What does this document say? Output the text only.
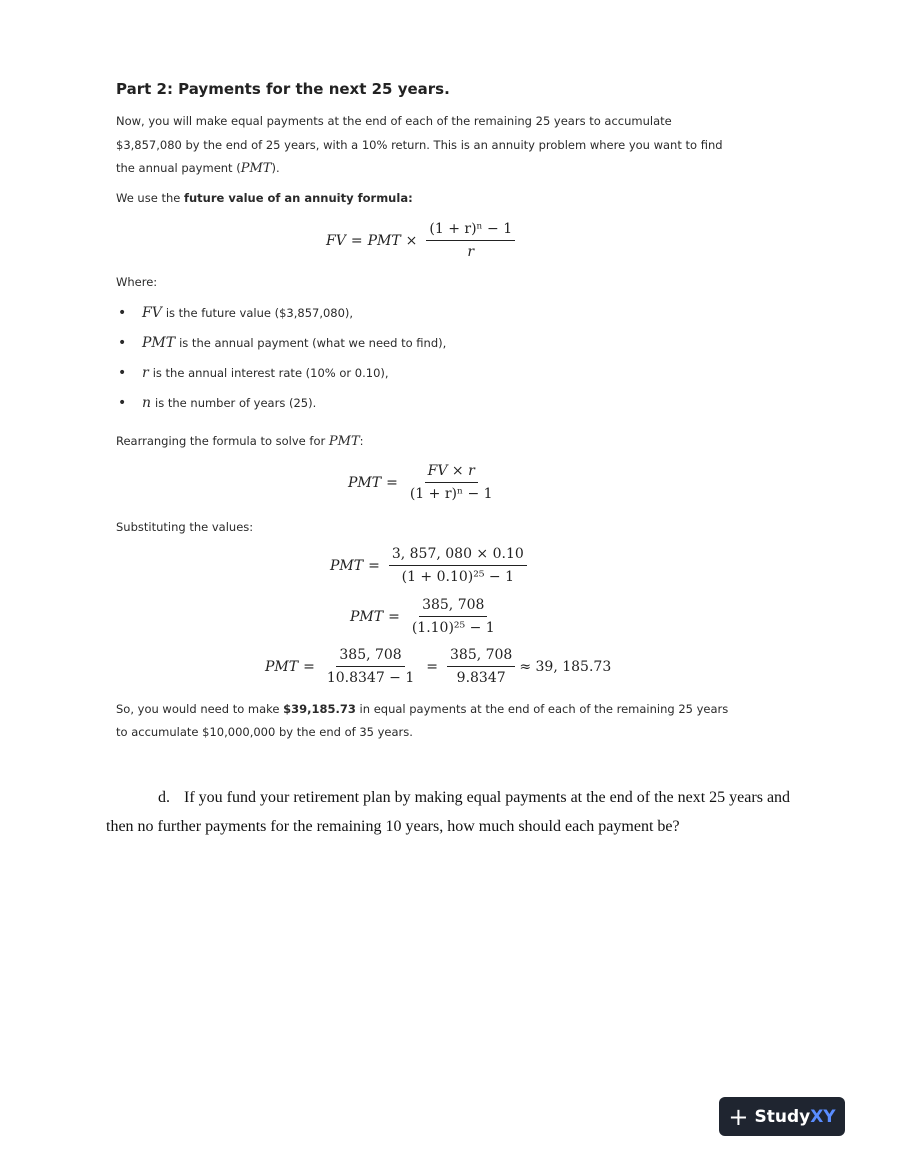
Part 2: Payments for the next 25 years.

Now, you will make equal payments at the end of each of the remaining 25 years to accumulate

$3,857,080 by the end of 25 years, with a 10% return. This is an annuity problem where you want to find

the annual payment (PMT).

We use the future value of an annuity formula:

FV = PMT × $\frac{\text{(1 + r)ⁿ − 1}}{r}$

Where:

• FV is the future value ($3,857,080),
• PMT is the annual payment (what we need to find),
• r is the annual interest rate (10% or 0.10),
• n is the number of years (25).

Rearranging the formula to solve for PMT:

PMT = $\frac{FV \times r}{\text{(1 + r)ⁿ − 1}}$

Substituting the values:

PMT = $\frac{3, 857, 080 \times 0.10}{\text{(1 + 0.10)²⁵ − 1}}$
PMT = $\frac{385, 708}{\text{(1.10)²⁵ − 1}}$
PMT = $\frac{385, 708}{10.8347 - 1} = \frac{385, 708}{9.8347} \approx 39$, 185.73

So, you would need to make $39,185.73 in equal payments at the end of each of the remaining 25 years

to accumulate $10,000,000 by the end of 35 years.

d. If you fund your retirement plan by making equal payments at the end of the next 25 years and then no further payments for the remaining 10 years, how much should each payment be?

+ Study XY
